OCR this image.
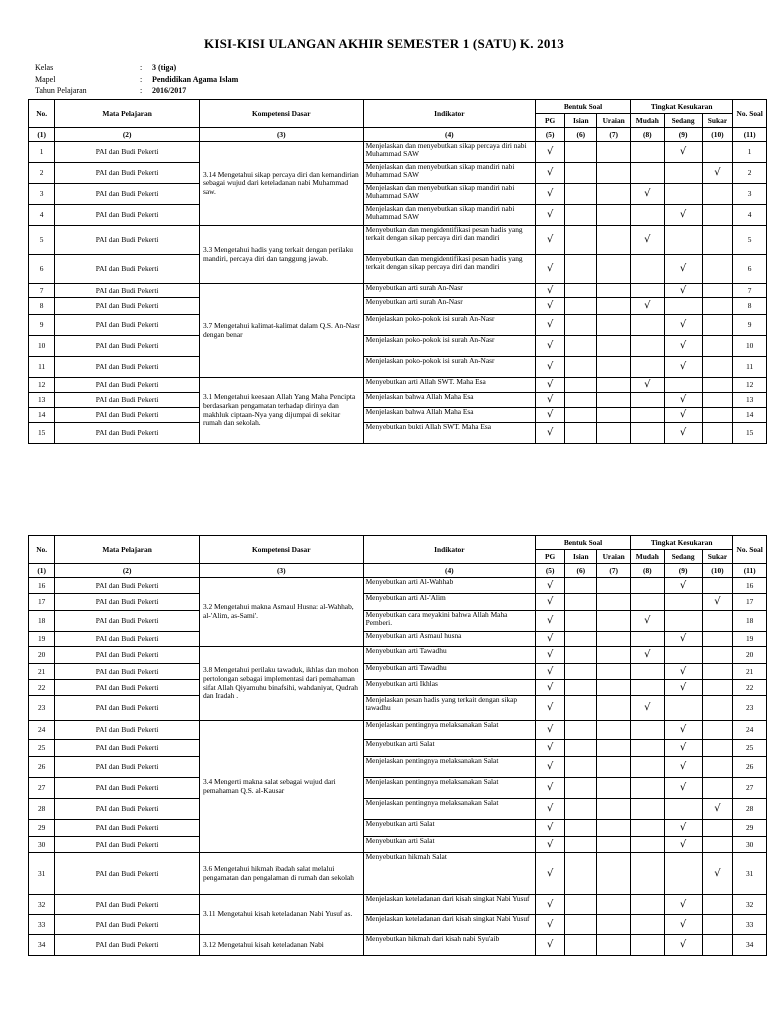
KISI-KISI ULANGAN AKHIR SEMESTER 1 (SATU) K. 2013
Kelas	:	3 (tiga)
Mapel	:	Pendidikan Agama Islam
Tahun Pelajaran	:	2016/2017
No.	Mata Pelajaran	Kompetensi Dasar	Indikator	Bentuk Soal			Tingkat Kesukaran			No. Soal
				PG	Isian	Uraian	Mudah	Sedang	Sukar	
(1)	(2)	(3)	(4)	(5)	(6)	(7)	(8)	(9)	(10)	(11)
1	PAI dan Budi Pekerti	3.14 Mengetahui sikap percaya diri dan kemandirian sebagai wujud dari keteladanan nabi Muhammad saw.	Menjelaskan dan menyebutkan sikap percaya diri nabi Muhammad SAW	√				√		1
2	PAI dan Budi Pekerti		Menjelaskan dan menyebutkan sikap mandiri nabi Muhammad SAW	√					√	2
3	PAI dan Budi Pekerti		Menjelaskan dan menyebutkan sikap mandiri nabi Muhammad SAW	√			√			3
4	PAI dan Budi Pekerti		Menjelaskan dan menyebutkan sikap mandiri nabi Muhammad SAW	√				√		4
5	PAI dan Budi Pekerti	3.3 Mengetahui hadis yang terkait dengan perilaku mandiri, percaya diri dan tanggung jawab.	Menyebutkan dan mengidentifikasi pesan hadis yang terkait dengan sikap percaya diri dan mandiri	√			√			5
6	PAI dan Budi Pekerti		Menyebutkan dan mengidentifikasi pesan hadis yang terkait dengan sikap percaya diri dan mandiri	√				√		6
7	PAI dan Budi Pekerti	3.7 Mengetahui kalimat-kalimat dalam Q.S. An-Nasr dengan benar	Menyebutkan arti surah An-Nasr	√				√		7
8	PAI dan Budi Pekerti		Menyebutkan arti surah An-Nasr	√			√			8
9	PAI dan Budi Pekerti		Menjelaskan poko-pokok isi surah An-Nasr	√				√		9
10	PAI dan Budi Pekerti		Menjelaskan poko-pokok isi surah An-Nasr	√				√		10
11	PAI dan Budi Pekerti		Menjelaskan poko-pokok isi surah An-Nasr	√				√		11
12	PAI dan Budi Pekerti	3.1 Mengetahui keesaan Allah Yang Maha Pencipta berdasarkan pengamatan terhadap dirinya dan makhluk ciptaan-Nya yang dijumpai di sekitar rumah dan sekolah.	Menyebutkan arti Allah SWT. Maha Esa	√			√			12
13	PAI dan Budi Pekerti		Menjelaskan bahwa Allah Maha Esa	√				√		13
14	PAI dan Budi Pekerti		Menjelaskan bahwa Allah Maha Esa	√				√		14
15	PAI dan Budi Pekerti		Menyebutkan bukti Allah SWT. Maha Esa	√				√		15
No.	Mata Pelajaran	Kompetensi Dasar	Indikator	Bentuk Soal			Tingkat Kesukaran			No. Soal
				PG	Isian	Uraian	Mudah	Sedang	Sukar	
(1)	(2)	(3)	(4)	(5)	(6)	(7)	(8)	(9)	(10)	(11)
16	PAI dan Budi Pekerti	3.2 Mengetahui makna Asmaul Husna: al-Wahhab, al-'Alim, as-Sami'.	Menyebutkan arti Al-Wahhab	√				√		16
17	PAI dan Budi Pekerti		Menyebutkan arti Al-'Alim	√					√	17
18	PAI dan Budi Pekerti		Menyebutkan cara meyakini bahwa Allah Maha Pemberi.	√			√			18
19	PAI dan Budi Pekerti		Menyebutkan arti Asmaul husna	√				√		19
20	PAI dan Budi Pekerti	3.8 Mengetahui perilaku tawaduk, ikhlas dan mohon pertolongan sebagai implementasi dari pemahaman sifat Allah Qiyamuhu binafsihi, wahdaniyat, Qudrah dan Iradah .	Menyebutkan arti Tawadhu	√			√			20
21	PAI dan Budi Pekerti		Menyebutkan arti Tawadhu	√				√		21
22	PAI dan Budi Pekerti		Menyebutkan arti Ikhlas	√				√		22
23	PAI dan Budi Pekerti		Menjelaskan pesan hadis yang terkait dengan sikap tawadhu	√			√			23
24	PAI dan Budi Pekerti	3.4 Mengerti makna salat sebagai wujud dari pemahaman Q.S. al-Kausar	Menjelaskan pentingnya melaksanakan Salat	√				√		24
25	PAI dan Budi Pekerti		Menyebutkan arti Salat	√				√		25
26	PAI dan Budi Pekerti		Menjelaskan pentingnya melaksanakan Salat	√				√		26
27	PAI dan Budi Pekerti		Menjelaskan pentingnya melaksanakan Salat	√				√		27
28	PAI dan Budi Pekerti		Menjelaskan pentingnya melaksanakan Salat	√					√	28
29	PAI dan Budi Pekerti		Menyebutkan arti Salat	√				√		29
30	PAI dan Budi Pekerti		Menyebutkan arti Salat	√				√		30
31	PAI dan Budi Pekerti	3.6 Mengetahui hikmah ibadah salat melalui pengamatan dan pengalaman di rumah dan sekolah	Menyebutkan hikmah Salat	√					√	31
32	PAI dan Budi Pekerti	3.11 Mengetahui kisah keteladanan Nabi Yusuf as.	Menjelaskan keteladanan dari kisah singkat Nabi Yusuf	√				√		32
33	PAI dan Budi Pekerti		Menjelaskan keteladanan dari kisah singkat Nabi Yusuf	√				√		33
34	PAI dan Budi Pekerti	3.12 Mengetahui kisah keteladanan Nabi	Menyebutkan hikmah dari kisah nabi Syu'aib	√				√		34
